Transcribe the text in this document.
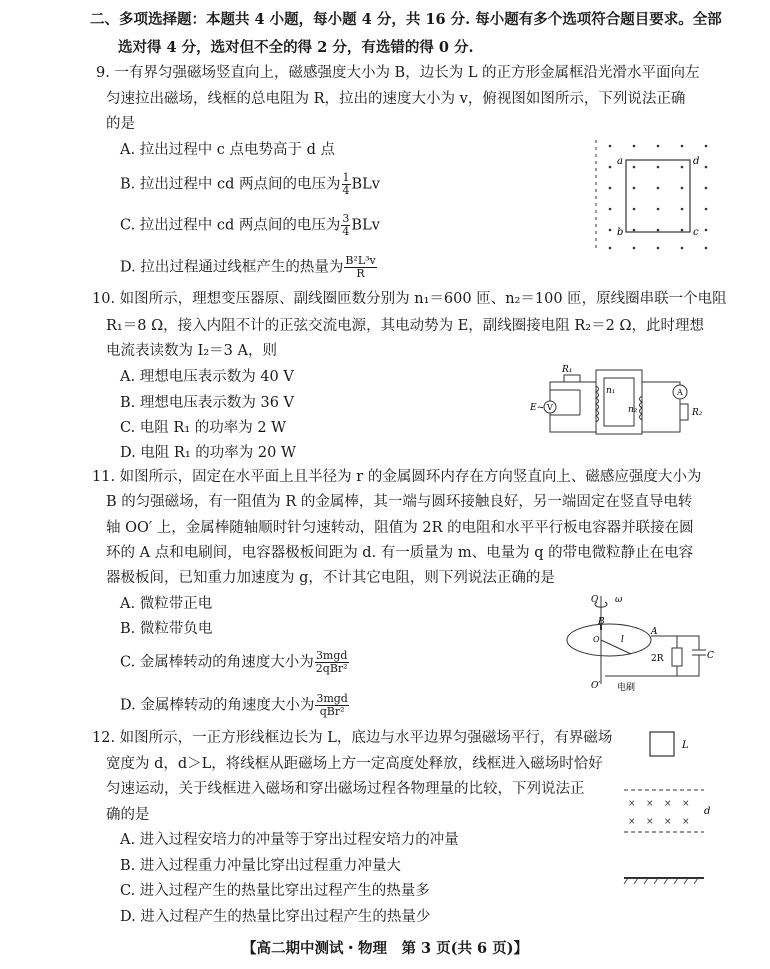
二、多项选择题：本题共 4 小题，每小题 4 分，共 16 分. 每小题有多个选项符合题目要求。全部
选对得 4 分，选对但不全的得 2 分，有选错的得 0 分.
9. 一有界匀强磁场竖直向上，磁感强度大小为 B，边长为 L 的正方形金属框沿光滑水平面向左
匀速拉出磁场，线框的总电阻为 R，拉出的速度大小为 v，俯视图如图所示，下列说法正确
的是
A. 拉出过程中 c 点电势高于 d 点
B. 拉出过程中 cd 两点间的电压为 $\frac{1}{4}$ BLv
C. 拉出过程中 cd 两点间的电压为 $\frac{3}{4}$ BLv
D. 拉出过程通过线框产生的热量为 $\frac{\text{B²L³v}}{R}$
a	d
b	c
10. 如图所示，理想变压器原、副线圈匝数分别为 n₁＝600 匝、n₂＝100 匝，原线圈串联一个电阻
R₁＝8 Ω，接入内阻不计的正弦交流电源，其电动势为 E，副线圈接电阻 R₂＝2 Ω，此时理想
电流表读数为 I₂＝3 A，则
A. 理想电压表示数为 40 V
B. 理想电压表示数为 36 V
C. 电阻 R₁ 的功率为 2 W
D. 电阻 R₁ 的功率为 20 W
R₁
E~ V
n₁
n₂
A
R₂
11. 如图所示，固定在水平面上且半径为 r 的金属圆环内存在方向竖直向上、磁感应强度大小为
B 的匀强磁场，有一阻值为 R 的金属棒，其一端与圆环接触良好，另一端固定在竖直导电转
轴 OO′ 上，金属棒随轴顺时针匀速转动，阻值为 2R 的电阻和水平平行板电容器并联接在圆
环的 A 点和电刷间，电容器极板间距为 d. 有一质量为 m、电量为 q 的带电微粒静止在电容
器极板间，已知重力加速度为 g，不计其它电阻，则下列说法正确的是
A. 微粒带正电
B. 微粒带负电
C. 金属棒转动的角速度大小为 $\frac{\text{3mgd}}{\text{2qBr²}}$
D. 金属棒转动的角速度大小为 $\frac{\text{3mgd}}{\text{qBr²}}$
O ω
B
O l
A
2R	C
O′ 电刷
12. 如图所示，一正方形线框边长为 L，底边与水平边界匀强磁场平行，有界磁场
宽度为 d，d＞L，将线框从距磁场上方一定高度处释放，线框进入磁场时恰好
匀速运动，关于线框进入磁场和穿出磁场过程各物理量的比较，下列说法正
确的是
A. 进入过程安培力的冲量等于穿出过程安培力的冲量
B. 进入过程重力冲量比穿出过程重力冲量大
C. 进入过程产生的热量比穿出过程产生的热量多
D. 进入过程产生的热量比穿出过程产生的热量少
L
× × × ×
× × × ×
d
【高二期中测试・物理　第 3 页(共 6 页)】
